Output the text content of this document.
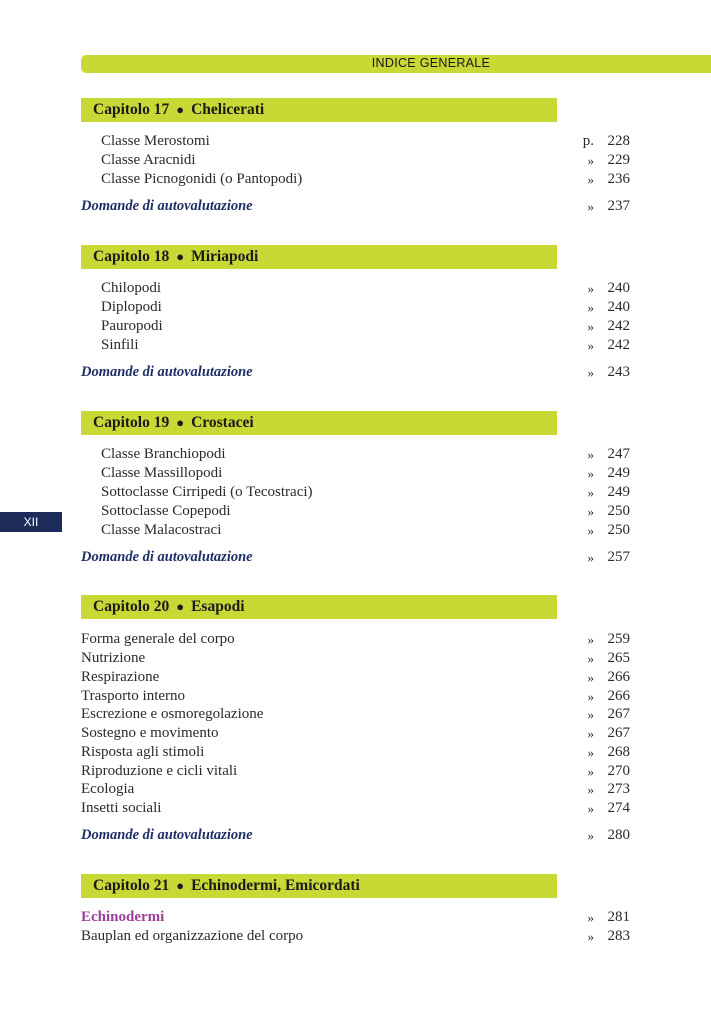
INDICE GENERALE
XII
Capitolo 17 ● Chelicerati
Classe Merostomi	p. 228
Classe Aracnidi	» 229
Classe Picnogonidi (o Pantopodi)	» 236
Domande di autovalutazione	» 237
Capitolo 18 ● Miriapodi
Chilopodi	» 240
Diplopodi	» 240
Pauropodi	» 242
Sinfili	» 242
Domande di autovalutazione	» 243
Capitolo 19 ● Crostacei
Classe Branchiopodi	» 247
Classe Massillopodi	» 249
Sottoclasse Cirripedi (o Tecostraci)	» 249
Sottoclasse Copepodi	» 250
Classe Malacostraci	» 250
Domande di autovalutazione	» 257
Capitolo 20 ● Esapodi
Forma generale del corpo	» 259
Nutrizione	» 265
Respirazione	» 266
Trasporto interno	» 266
Escrezione e osmoregolazione	» 267
Sostegno e movimento	» 267
Risposta agli stimoli	» 268
Riproduzione e cicli vitali	» 270
Ecologia	» 273
Insetti sociali	» 274
Domande di autovalutazione	» 280
Capitolo 21 ● Echinodermi, Emicordati
Echinodermi	» 281
Bauplan ed organizzazione del corpo	» 283
